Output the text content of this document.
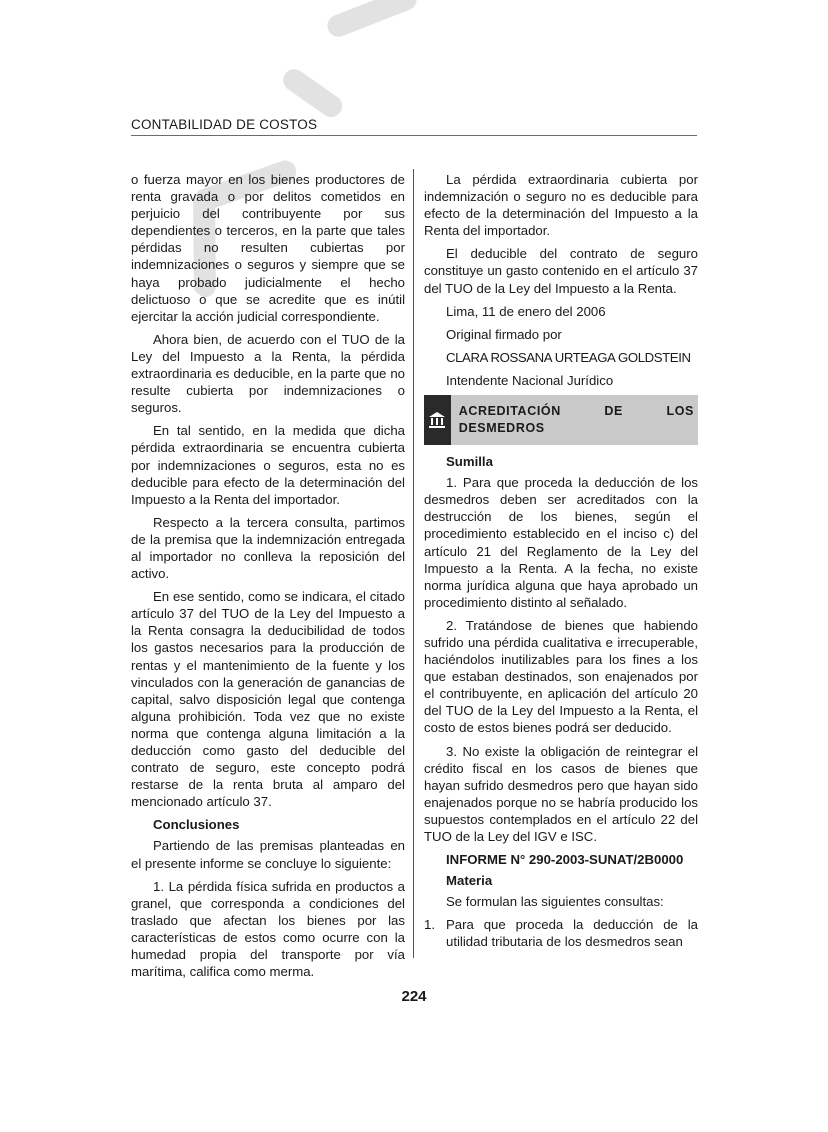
CONTABILIDAD DE COSTOS

o fuerza mayor en los bienes productores de renta gravada o por delitos cometidos en perjuicio del contribuyente por sus dependientes o terceros, en la parte que tales pérdidas no resulten cubiertas por indemnizaciones o seguros y siempre que se haya probado judicialmente el hecho delictuoso o que se acredite que es inútil ejercitar la acción judicial correspondiente.

Ahora bien, de acuerdo con el TUO de la Ley del Impuesto a la Renta, la pérdida extraordinaria es deducible, en la parte que no resulte cubierta por indemnizaciones o seguros.

En tal sentido, en la medida que dicha pérdida extraordinaria se encuentra cubierta por indemnizaciones o seguros, esta no es deducible para efecto de la determinación del Impuesto a la Renta del importador.

Respecto a la tercera consulta, partimos de la premisa que la indemnización entregada al importador no conlleva la reposición del activo.

En ese sentido, como se indicara, el citado artículo 37 del TUO de la Ley del Impuesto a la Renta consagra la deducibilidad de todos los gastos necesarios para la producción de rentas y el mantenimiento de la fuente y los vinculados con la generación de ganancias de capital, salvo disposición legal que contenga alguna prohibición. Toda vez que no existe norma que contenga alguna limitación a la deducción como gasto del deducible del contrato de seguro, este concepto podrá restarse de la renta bruta al amparo del mencionado artículo 37.

Conclusiones

Partiendo de las premisas planteadas en el presente informe se concluye lo siguiente:

1. La pérdida física sufrida en productos a granel, que corresponda a condiciones del traslado que afectan los bienes por las características de estos como ocurre con la humedad propia del transporte por vía marítima, califica como merma.

La pérdida extraordinaria cubierta por indemnización o seguro no es deducible para efecto de la determinación del Impuesto a la Renta del importador.

El deducible del contrato de seguro constituye un gasto contenido en el artículo 37 del TUO de la Ley del Impuesto a la Renta.

Lima, 11 de enero del 2006
Original firmado por
CLARA ROSSANA URTEAGA GOLDSTEIN
Intendente Nacional Jurídico
ACREDITACIÓN DE LOS DESMEDROS
Sumilla

1. Para que proceda la deducción de los desmedros deben ser acreditados con la destrucción de los bienes, según el procedimiento establecido en el inciso c) del artículo 21 del Reglamento de la Ley del Impuesto a la Renta. A la fecha, no existe norma jurídica alguna que haya aprobado un procedimiento distinto al señalado.

2. Tratándose de bienes que habiendo sufrido una pérdida cualitativa e irrecuperable, haciéndolos inutilizables para los fines a los que estaban destinados, son enajenados por el contribuyente, en aplicación del artículo 20 del TUO de la Ley del Impuesto a la Renta, el costo de estos bienes podrá ser deducido.

3. No existe la obligación de reintegrar el crédito fiscal en los casos de bienes que hayan sufrido desmedros pero que hayan sido enajenados porque no se habría producido los supuestos contemplados en el artículo 22 del TUO de la Ley del IGV e ISC.

INFORME N° 290-2003-SUNAT/2B0000
Materia

Se formulan las siguientes consultas:

1. Para que proceda la deducción de la utilidad tributaria de los desmedros sean
224
